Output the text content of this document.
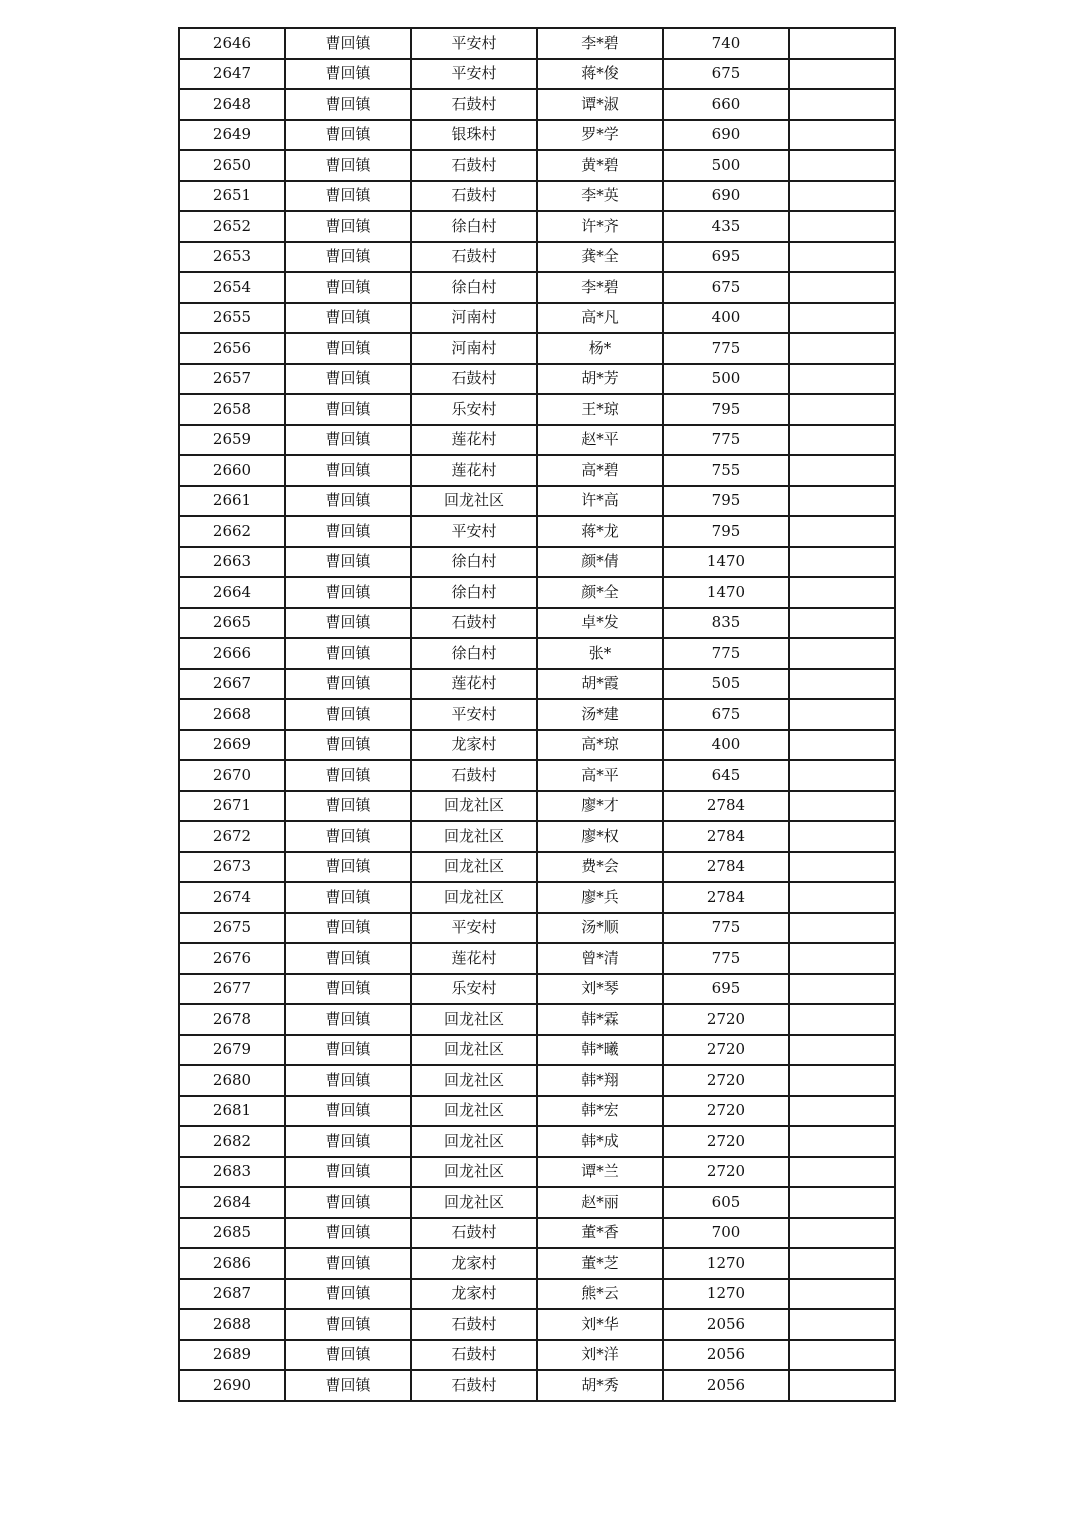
2646	曹回镇	平安村	李*碧	740	
2647	曹回镇	平安村	蒋*俊	675	
2648	曹回镇	石鼓村	谭*淑	660	
2649	曹回镇	银珠村	罗*学	690	
2650	曹回镇	石鼓村	黄*碧	500	
2651	曹回镇	石鼓村	李*英	690	
2652	曹回镇	徐白村	许*齐	435	
2653	曹回镇	石鼓村	龚*全	695	
2654	曹回镇	徐白村	李*碧	675	
2655	曹回镇	河南村	高*凡	400	
2656	曹回镇	河南村	杨*	775	
2657	曹回镇	石鼓村	胡*芳	500	
2658	曹回镇	乐安村	王*琼	795	
2659	曹回镇	莲花村	赵*平	775	
2660	曹回镇	莲花村	高*碧	755	
2661	曹回镇	回龙社区	许*高	795	
2662	曹回镇	平安村	蒋*龙	795	
2663	曹回镇	徐白村	颜*倩	1470	
2664	曹回镇	徐白村	颜*全	1470	
2665	曹回镇	石鼓村	卓*发	835	
2666	曹回镇	徐白村	张*	775	
2667	曹回镇	莲花村	胡*霞	505	
2668	曹回镇	平安村	汤*建	675	
2669	曹回镇	龙家村	高*琼	400	
2670	曹回镇	石鼓村	高*平	645	
2671	曹回镇	回龙社区	廖*才	2784	
2672	曹回镇	回龙社区	廖*权	2784	
2673	曹回镇	回龙社区	费*会	2784	
2674	曹回镇	回龙社区	廖*兵	2784	
2675	曹回镇	平安村	汤*顺	775	
2676	曹回镇	莲花村	曾*清	775	
2677	曹回镇	乐安村	刘*琴	695	
2678	曹回镇	回龙社区	韩*霖	2720	
2679	曹回镇	回龙社区	韩*曦	2720	
2680	曹回镇	回龙社区	韩*翔	2720	
2681	曹回镇	回龙社区	韩*宏	2720	
2682	曹回镇	回龙社区	韩*成	2720	
2683	曹回镇	回龙社区	谭*兰	2720	
2684	曹回镇	回龙社区	赵*丽	605	
2685	曹回镇	石鼓村	董*香	700	
2686	曹回镇	龙家村	董*芝	1270	
2687	曹回镇	龙家村	熊*云	1270	
2688	曹回镇	石鼓村	刘*华	2056	
2689	曹回镇	石鼓村	刘*洋	2056	
2690	曹回镇	石鼓村	胡*秀	2056	
